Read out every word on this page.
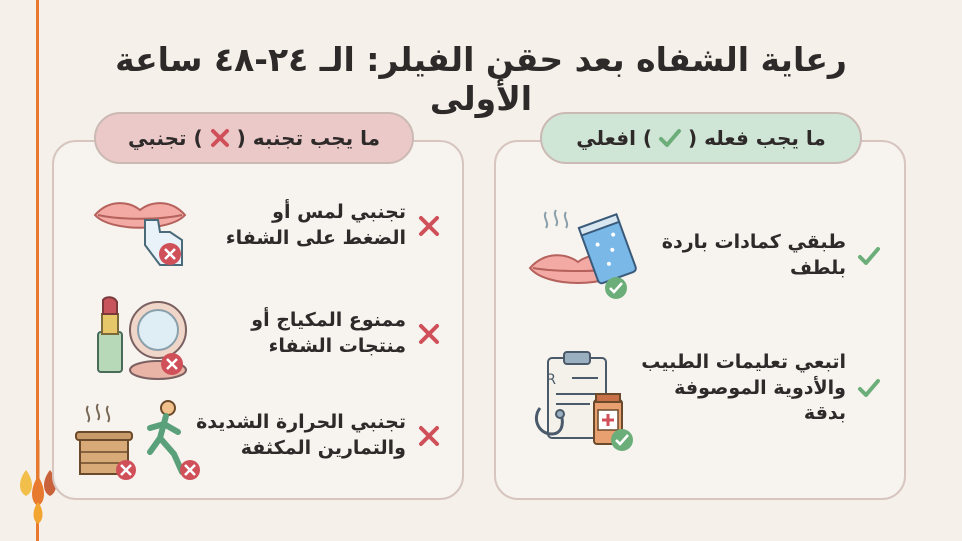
رعاية الشفاه بعد حقن الفيلر: الـ ٢٤-٤٨ ساعة الأولى
ما يجب تجنبه (
) تجنبي	ما يجب فعله (
) افعلي
تجنبي لمس أو
الضغط على الشفاء
ممنوع المكياج أو
منتجات الشفاء
تجنبي الحرارة الشديدة
والتمارين المكثفة
طبقي كمادات باردة
بلطف
اتبعي تعليمات الطبيب
والأدوية الموصوفة
بدقة
R
